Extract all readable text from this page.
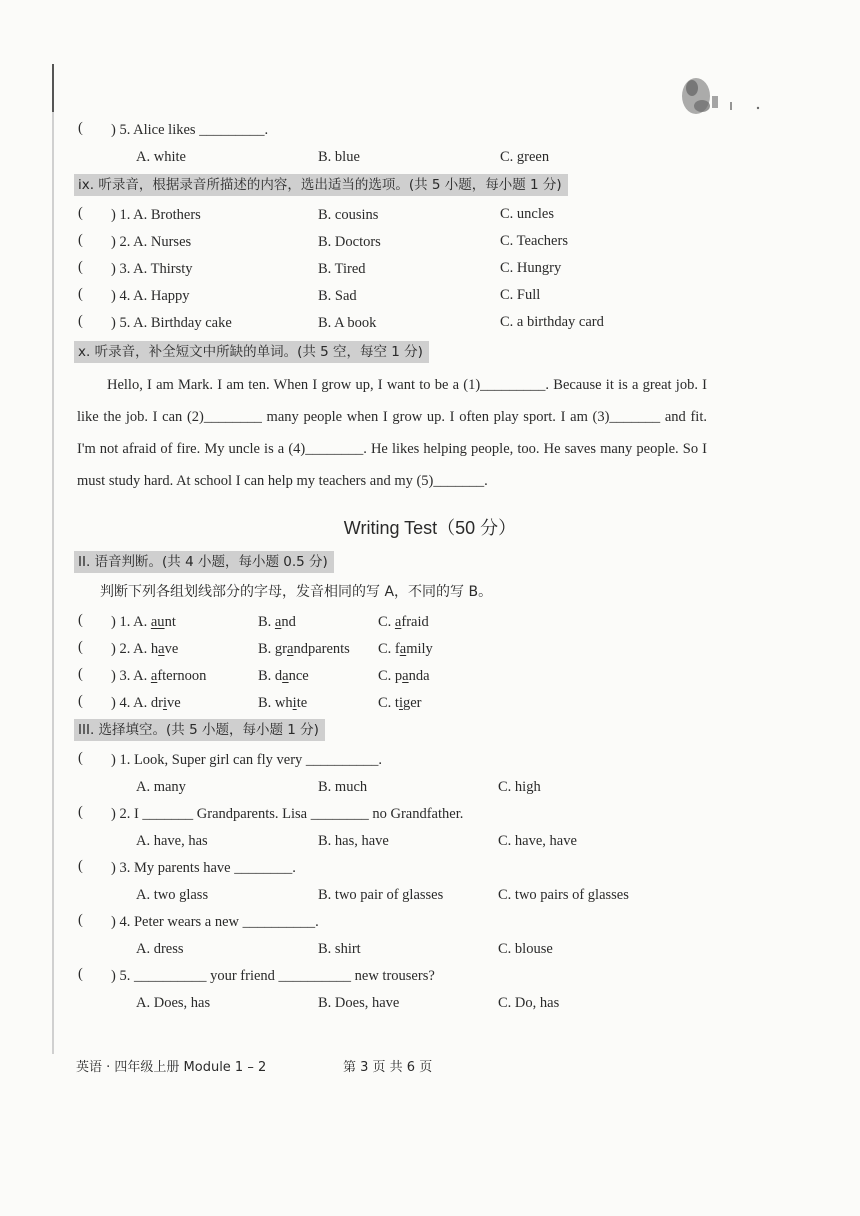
( ) 5. Alice likes _________.
A. white	B. blue	C. green
ix. 听录音，根据录音所描述的内容，选出适当的选项。(共 5 小题，每小题 1 分)
( ) 1. A. Brothers	B. cousins	C. uncles
( ) 2. A. Nurses	B. Doctors	C. Teachers
( ) 3. A. Thirsty	B. Tired	C. Hungry
( ) 4. A. Happy	B. Sad	C. Full
( ) 5. A. Birthday cake	B. A book	C. a birthday card
x. 听录音，补全短文中所缺的单词。(共 5 空，每空 1 分)

Hello, I am Mark. I am ten. When I grow up, I want to be a (1)_________. Because it is a great job. I like the job. I can (2)________ many people when I grow up. I often play sport. I am (3)_______ and fit. I'm not afraid of fire. My uncle is a (4)________. He likes helping people, too. He saves many people. So I must study hard. At school I can help my teachers and my (5)_______.

Writing Test（50 分）
II. 语音判断。(共 4 小题，每小题 0.5 分)
判断下列各组划线部分的字母，发音相同的写 A，不同的写 B。
( ) 1. A. aunt	B. and	C. afraid
( ) 2. A. have	B. grandparents C. family
( ) 3. A. afternoon	B. dance	C. panda
( ) 4. A. drive	B. white	C. tiger
III. 选择填空。(共 5 小题，每小题 1 分)
( ) 1. Look, Super girl can fly very __________.
A. many	B. much	C. high
( ) 2. I _______ Grandparents. Lisa ________ no Grandfather.
A. have, has	B. has, have	C. have, have
( ) 3. My parents have ________.
A. two glass	B. two pair of glasses	C. two pairs of glasses
( ) 4. Peter wears a new __________.
A. dress	B. shirt	C. blouse
( ) 5. __________ your friend __________ new trousers?
A. Does, has	B. Does, have	C. Do, has
英语 · 四年级上册 Module 1 – 2	第 3 页 共 6 页
